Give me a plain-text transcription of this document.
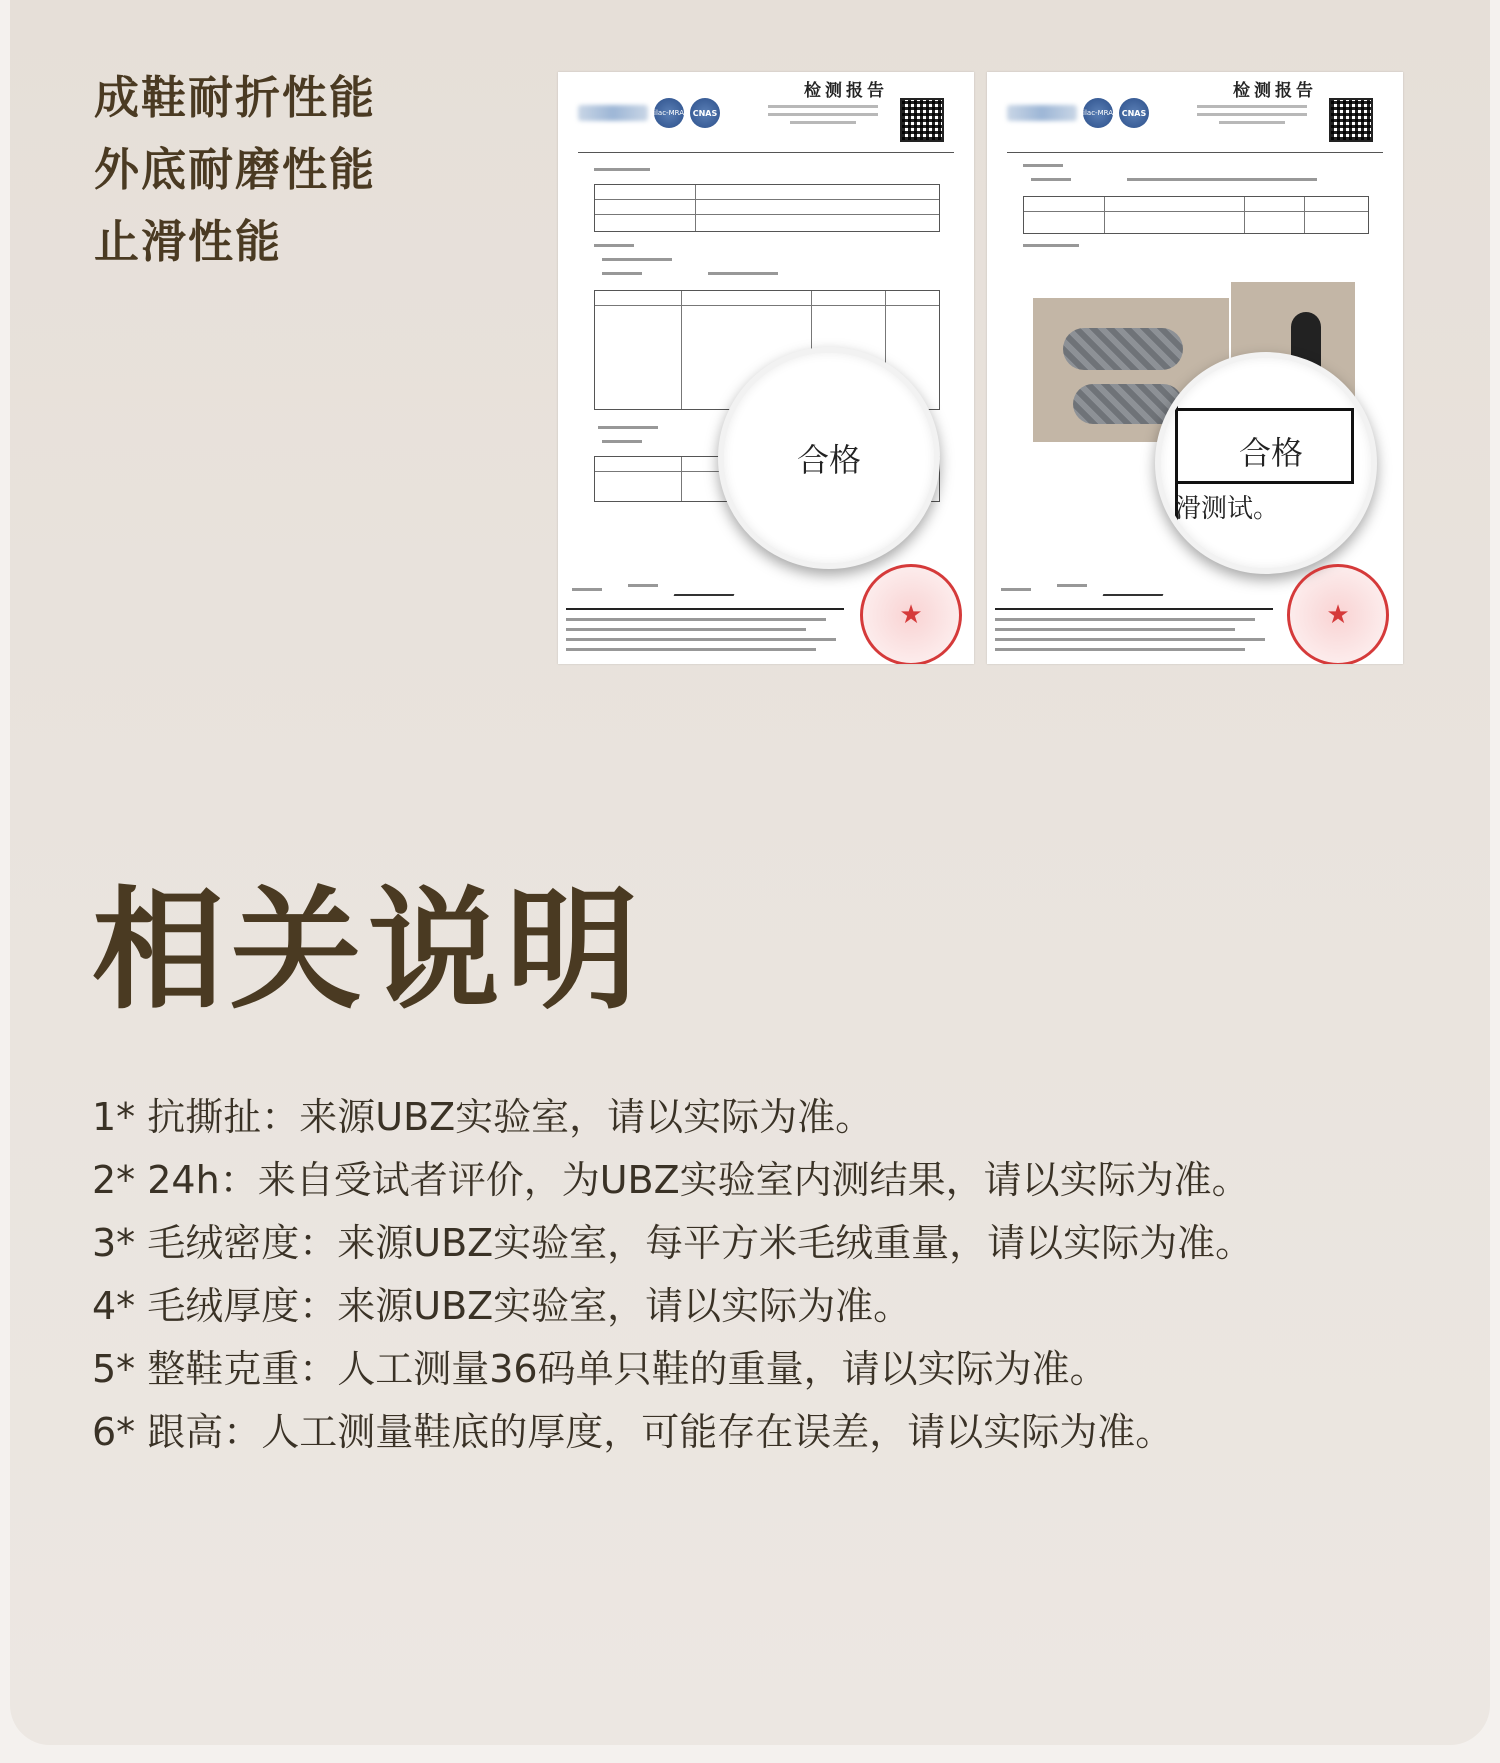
成鞋耐折性能
外底耐磨性能
止滑性能
检测报告
ilac-MRA	CNAS
合格
★
检测报告
ilac-MRA	CNAS
合格
滑测试。
★
相关说明
1* 抗撕扯：来源UBZ实验室，请以实际为准。
2* 24h：来自受试者评价，为UBZ实验室内测结果，请以实际为准。
3* 毛绒密度：来源UBZ实验室，每平方米毛绒重量，请以实际为准。
4* 毛绒厚度：来源UBZ实验室，请以实际为准。
5* 整鞋克重：人工测量36码单只鞋的重量，请以实际为准。
6* 跟高：人工测量鞋底的厚度，可能存在误差，请以实际为准。
